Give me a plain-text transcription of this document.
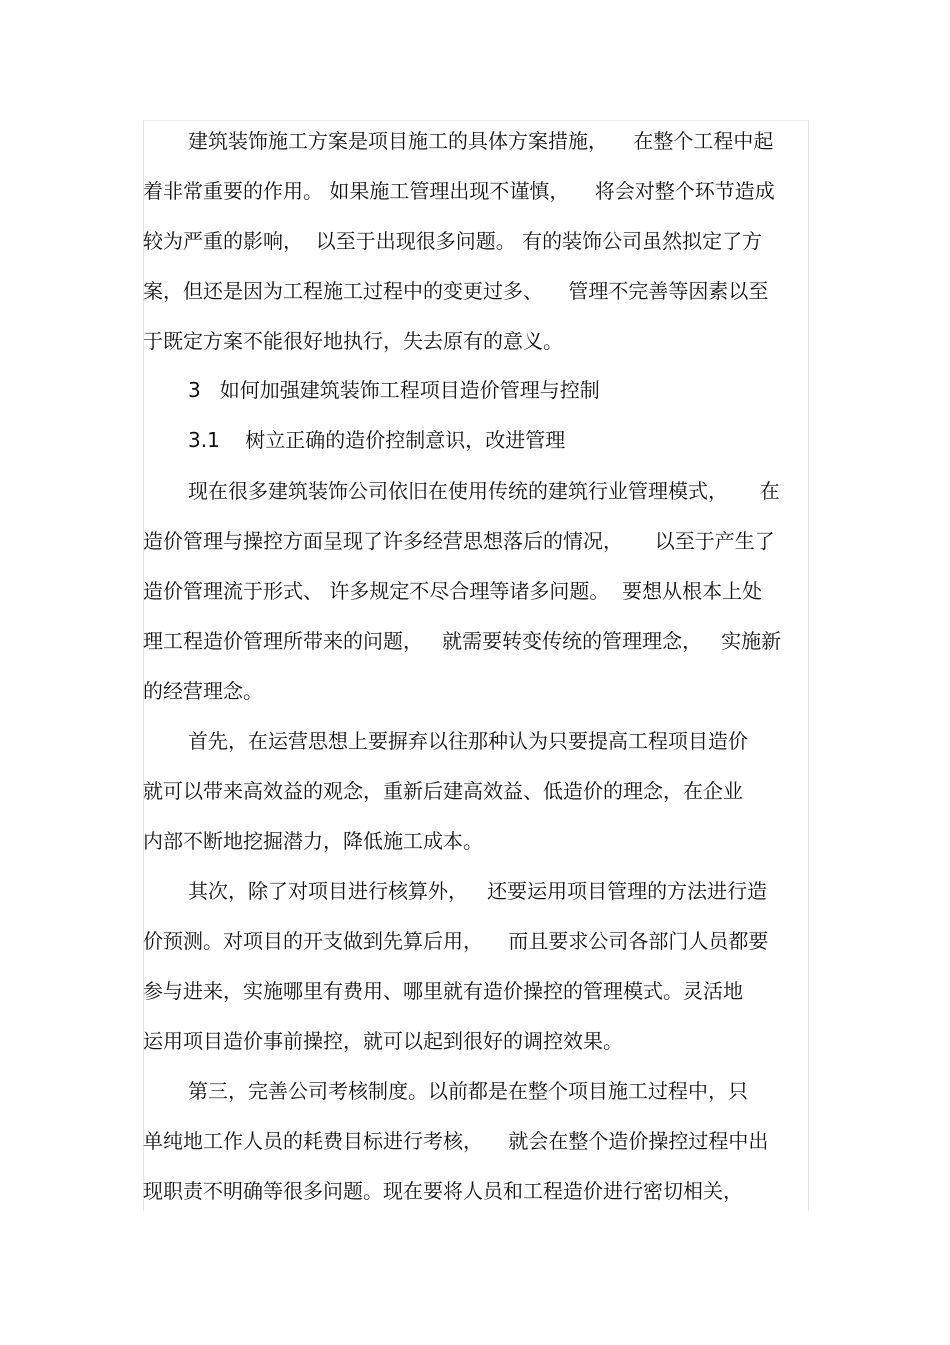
建筑装饰施工方案是项目施工的具体方案措施，    在整个工程中起
着非常重要的作用。 如果施工管理出现不谨慎，    将会对整个环节造成
较为严重的影响，  以至于出现很多问题。 有的装饰公司虽然拟定了方
案，但还是因为工程施工过程中的变更过多、    管理不完善等因素以至
于既定方案不能很好地执行，失去原有的意义。
3   如何加强建筑装饰工程项目造价管理与控制
3.1    树立正确的造价控制意识，改进管理
现在很多建筑装饰公司依旧在使用传统的建筑行业管理模式，     在
造价管理与操控方面呈现了许多经营思想落后的情况，     以至于产生了
造价管理流于形式、 许多规定不尽合理等诸多问题。  要想从根本上处
理工程造价管理所带来的问题，   就需要转变传统的管理理念，   实施新
的经营理念。
首先，在运营思想上要摒弃以往那种认为只要提高工程项目造价
就可以带来高效益的观念，重新后建高效益、低造价的理念，在企业
内部不断地挖掘潜力，降低施工成本。
其次，除了对项目进行核算外，   还要运用项目管理的方法进行造
价预测。对项目的开支做到先算后用，    而且要求公司各部门人员都要
参与进来，实施哪里有费用、哪里就有造价操控的管理模式。灵活地
运用项目造价事前操控，就可以起到很好的调控效果。
第三，完善公司考核制度。以前都是在整个项目施工过程中，只
单纯地工作人员的耗费目标进行考核，    就会在整个造价操控过程中出
现职责不明确等很多问题。现在要将人员和工程造价进行密切相关，
